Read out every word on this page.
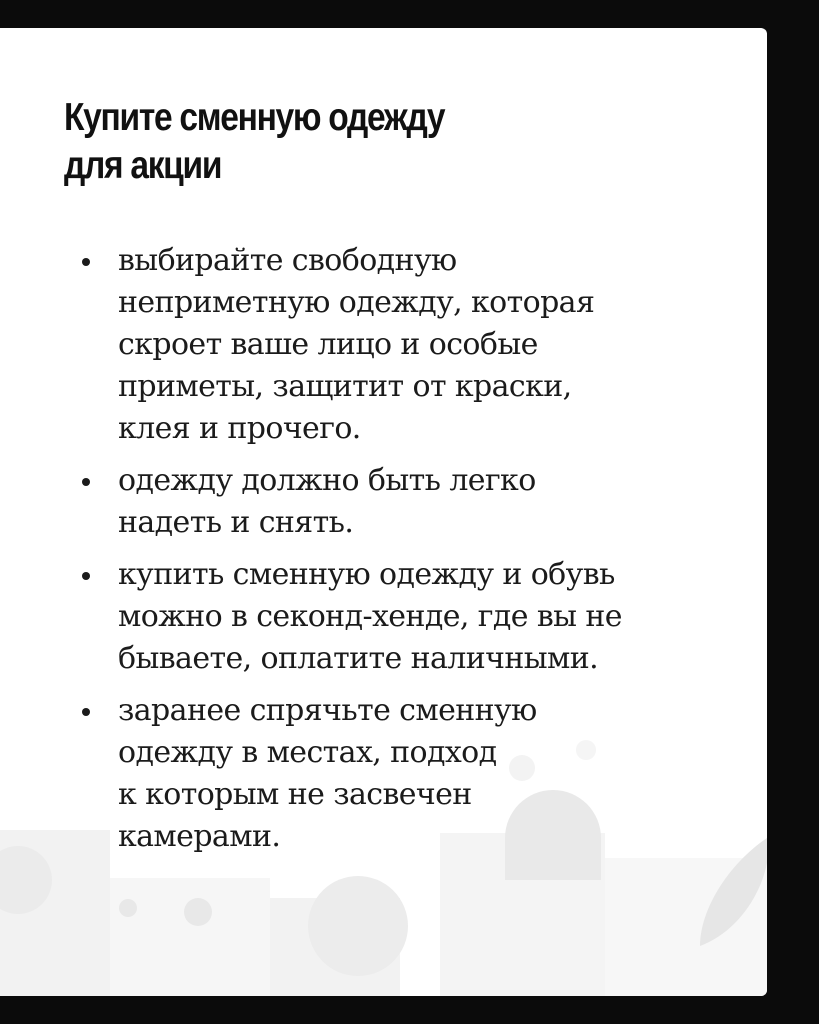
Купите сменную одежду
для акции
выбирайте свободную
неприметную одежду, которая
скроет ваше лицо и особые
приметы, защитит от краски,
клея и прочего.
одежду должно быть легко
надеть и снять.
купить сменную одежду и обувь
можно в секонд-хенде, где вы не
бываете, оплатите наличными.
заранее спрячьте сменную
одежду в местах, подход
к которым не засвечен
камерами.
